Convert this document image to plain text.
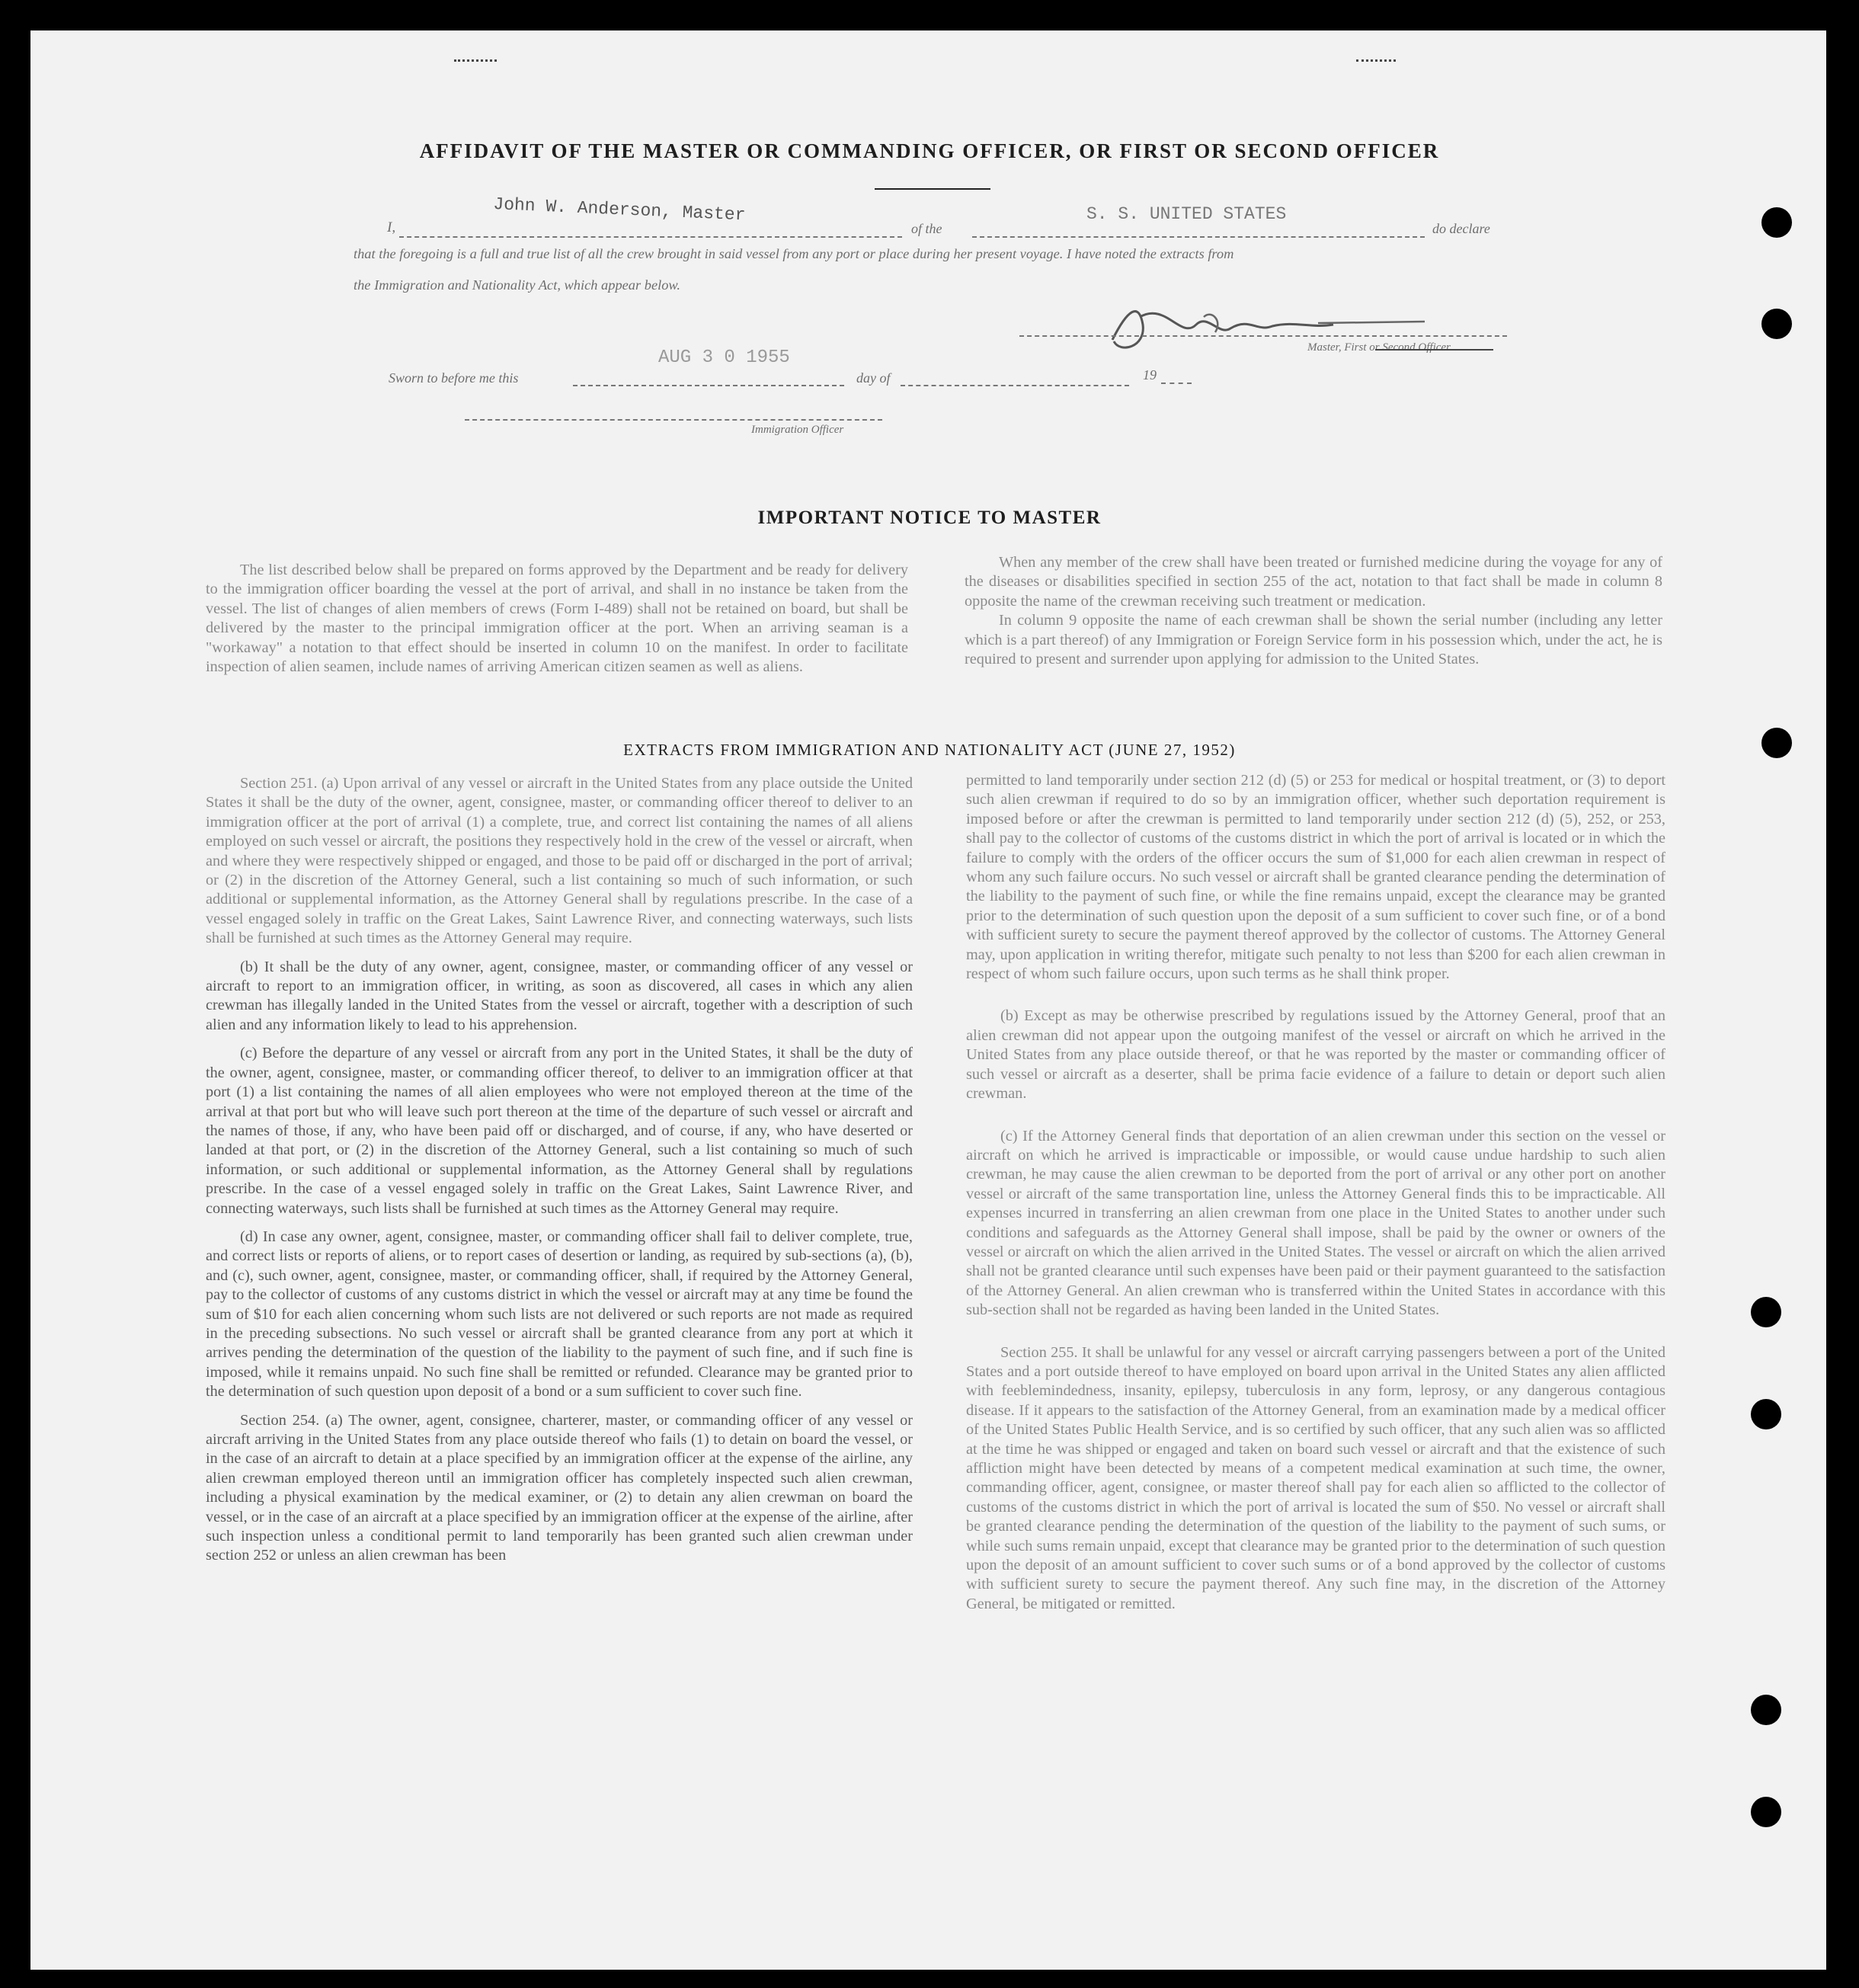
AFFIDAVIT OF THE MASTER OR COMMANDING OFFICER, OR FIRST OR SECOND OFFICER
I,
John W. Anderson, Master
of the
S. S. UNITED STATES
do declare
that the foregoing is a full and true list of all the crew brought in said vessel from any port or place during her present voyage. I have noted the extracts from
the Immigration and Nationality Act, which appear below.
Master, First or Second Officer
Sworn to before me this
AUG 3 0 1955
day of	19
Immigration Officer
IMPORTANT NOTICE TO MASTER

The list described below shall be prepared on forms approved by the Department and be ready for delivery to the immigration officer boarding the vessel at the port of arrival, and shall in no instance be taken from the vessel. The list of changes of alien members of crews (Form I-489) shall not be retained on board, but shall be delivered by the master to the principal immigration officer at the port. When an arriving seaman is a "workaway" a notation to that effect should be inserted in column 10 on the manifest. In order to facilitate inspection of alien seamen, include names of arriving American citizen seamen as well as aliens.

When any member of the crew shall have been treated or furnished medicine during the voyage for any of the diseases or disabilities specified in section 255 of the act, notation to that fact shall be made in column 8 opposite the name of the crewman receiving such treatment or medication.

In column 9 opposite the name of each crewman shall be shown the serial number (including any letter which is a part thereof) of any Immigration or Foreign Service form in his possession which, under the act, he is required to present and surrender upon applying for admission to the United States.

EXTRACTS FROM IMMIGRATION AND NATIONALITY ACT (JUNE 27, 1952)

Section 251. (a) Upon arrival of any vessel or aircraft in the United States from any place outside the United States it shall be the duty of the owner, agent, consignee, master, or commanding officer thereof to deliver to an immigration officer at the port of arrival (1) a complete, true, and correct list containing the names of all aliens employed on such vessel or aircraft, the positions they respectively hold in the crew of the vessel or aircraft, when and where they were respectively shipped or engaged, and those to be paid off or discharged in the port of arrival; or (2) in the discretion of the Attorney General, such a list containing so much of such information, or such additional or supplemental information, as the Attorney General shall by regulations prescribe. In the case of a vessel engaged solely in traffic on the Great Lakes, Saint Lawrence River, and connecting waterways, such lists shall be furnished at such times as the Attorney General may require.

(b) It shall be the duty of any owner, agent, consignee, master, or commanding officer of any vessel or aircraft to report to an immigration officer, in writing, as soon as discovered, all cases in which any alien crewman has illegally landed in the United States from the vessel or aircraft, together with a description of such alien and any information likely to lead to his apprehension.

(c) Before the departure of any vessel or aircraft from any port in the United States, it shall be the duty of the owner, agent, consignee, master, or commanding officer thereof, to deliver to an immigration officer at that port (1) a list containing the names of all alien employees who were not employed thereon at the time of the arrival at that port but who will leave such port thereon at the time of the departure of such vessel or aircraft and the names of those, if any, who have been paid off or discharged, and of course, if any, who have deserted or landed at that port, or (2) in the discretion of the Attorney General, such a list containing so much of such information, or such additional or supplemental information, as the Attorney General shall by regulations prescribe. In the case of a vessel engaged solely in traffic on the Great Lakes, Saint Lawrence River, and connecting waterways, such lists shall be furnished at such times as the Attorney General may require.

(d) In case any owner, agent, consignee, master, or commanding officer shall fail to deliver complete, true, and correct lists or reports of aliens, or to report cases of desertion or landing, as required by sub-sections (a), (b), and (c), such owner, agent, consignee, master, or commanding officer, shall, if required by the Attorney General, pay to the collector of customs of any customs district in which the vessel or aircraft may at any time be found the sum of $10 for each alien concerning whom such lists are not delivered or such reports are not made as required in the preceding subsections. No such vessel or aircraft shall be granted clearance from any port at which it arrives pending the determination of the question of the liability to the payment of such fine, and if such fine is imposed, while it remains unpaid. No such fine shall be remitted or refunded. Clearance may be granted prior to the determination of such question upon deposit of a bond or a sum sufficient to cover such fine.

Section 254. (a) The owner, agent, consignee, charterer, master, or commanding officer of any vessel or aircraft arriving in the United States from any place outside thereof who fails (1) to detain on board the vessel, or in the case of an aircraft to detain at a place specified by an immigration officer at the expense of the airline, any alien crewman employed thereon until an immigration officer has completely inspected such alien crewman, including a physical examination by the medical examiner, or (2) to detain any alien crewman on board the vessel, or in the case of an aircraft at a place specified by an immigration officer at the expense of the airline, after such inspection unless a conditional permit to land temporarily has been granted such alien crewman under section 252 or unless an alien crewman has been

permitted to land temporarily under section 212 (d) (5) or 253 for medical or hospital treatment, or (3) to deport such alien crewman if required to do so by an immigration officer, whether such deportation requirement is imposed before or after the crewman is permitted to land temporarily under section 212 (d) (5), 252, or 253, shall pay to the collector of customs of the customs district in which the port of arrival is located or in which the failure to comply with the orders of the officer occurs the sum of $1,000 for each alien crewman in respect of whom any such failure occurs. No such vessel or aircraft shall be granted clearance pending the determination of the liability to the payment of such fine, or while the fine remains unpaid, except the clearance may be granted prior to the determination of such question upon the deposit of a sum sufficient to cover such fine, or of a bond with sufficient surety to secure the payment thereof approved by the collector of customs. The Attorney General may, upon application in writing therefor, mitigate such penalty to not less than $200 for each alien crewman in respect of whom such failure occurs, upon such terms as he shall think proper.

(b) Except as may be otherwise prescribed by regulations issued by the Attorney General, proof that an alien crewman did not appear upon the outgoing manifest of the vessel or aircraft on which he arrived in the United States from any place outside thereof, or that he was reported by the master or commanding officer of such vessel or aircraft as a deserter, shall be prima facie evidence of a failure to detain or deport such alien crewman.

(c) If the Attorney General finds that deportation of an alien crewman under this section on the vessel or aircraft on which he arrived is impracticable or impossible, or would cause undue hardship to such alien crewman, he may cause the alien crewman to be deported from the port of arrival or any other port on another vessel or aircraft of the same transportation line, unless the Attorney General finds this to be impracticable. All expenses incurred in transferring an alien crewman from one place in the United States to another under such conditions and safeguards as the Attorney General shall impose, shall be paid by the owner or owners of the vessel or aircraft on which the alien arrived in the United States. The vessel or aircraft on which the alien arrived shall not be granted clearance until such expenses have been paid or their payment guaranteed to the satisfaction of the Attorney General. An alien crewman who is transferred within the United States in accordance with this sub-section shall not be regarded as having been landed in the United States.

Section 255. It shall be unlawful for any vessel or aircraft carrying passengers between a port of the United States and a port outside thereof to have employed on board upon arrival in the United States any alien afflicted with feeblemindedness, insanity, epilepsy, tuberculosis in any form, leprosy, or any dangerous contagious disease. If it appears to the satisfaction of the Attorney General, from an examination made by a medical officer of the United States Public Health Service, and is so certified by such officer, that any such alien was so afflicted at the time he was shipped or engaged and taken on board such vessel or aircraft and that the existence of such affliction might have been detected by means of a competent medical examination at such time, the owner, commanding officer, agent, consignee, or master thereof shall pay for each alien so afflicted to the collector of customs of the customs district in which the port of arrival is located the sum of $50. No vessel or aircraft shall be granted clearance pending the determination of the question of the liability to the payment of such sums, or while such sums remain unpaid, except that clearance may be granted prior to the determination of such question upon the deposit of an amount sufficient to cover such sums or of a bond approved by the collector of customs with sufficient surety to secure the payment thereof. Any such fine may, in the discretion of the Attorney General, be mitigated or remitted.
